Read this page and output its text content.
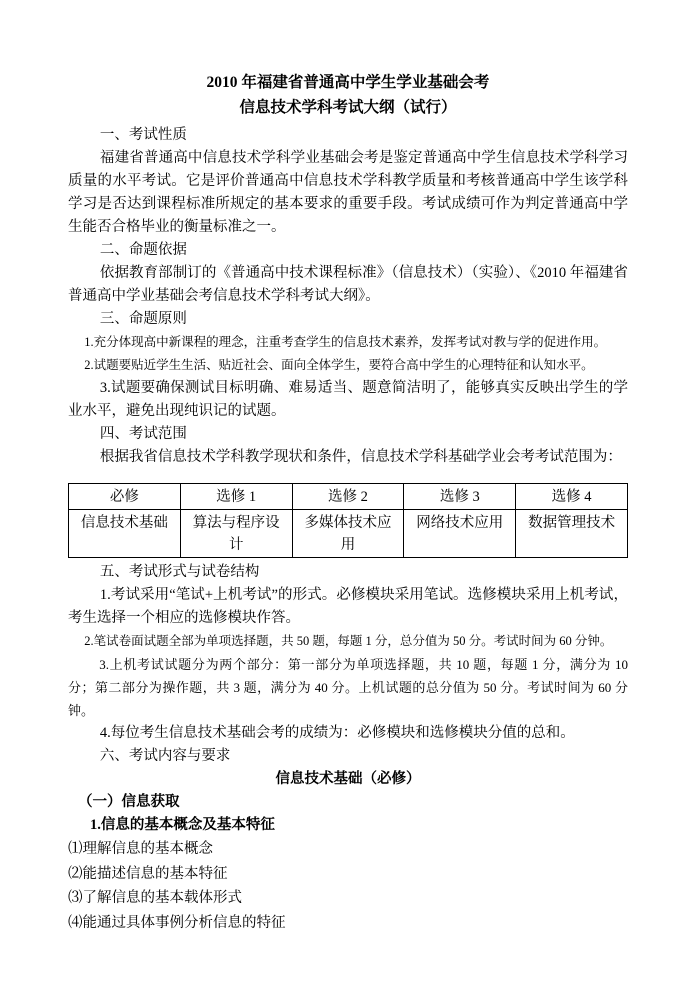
2010 年福建省普通高中学生学业基础会考
信息技术学科考试大纲（试行）

一、考试性质

福建省普通高中信息技术学科学业基础会考是鉴定普通高中学生信息技术学科学习质量的水平考试。它是评价普通高中信息技术学科教学质量和考核普通高中学生该学科学习是否达到课程标准所规定的基本要求的重要手段。考试成绩可作为判定普通高中学生能否合格毕业的衡量标准之一。

二、命题依据

依据教育部制订的《普通高中技术课程标准》（信息技术）（实验）、《2010 年福建省普通高中学业基础会考信息技术学科考试大纲》。

三、命题原则

1.充分体现高中新课程的理念，注重考查学生的信息技术素养，发挥考试对教与学的促进作用。

2.试题要贴近学生生活、贴近社会、面向全体学生，要符合高中学生的心理特征和认知水平。

3.试题要确保测试目标明确、难易适当、题意简洁明了，能够真实反映出学生的学业水平，避免出现纯识记的试题。

四、考试范围

根据我省信息技术学科教学现状和条件，信息技术学科基础学业会考考试范围为：

必修	选修 1	选修 2	选修 3	选修 4
信息技术基础	算法与程序设计	多媒体技术应用	网络技术应用	数据管理技术

五、考试形式与试卷结构

1.考试采用“笔试+上机考试”的形式。必修模块采用笔试。选修模块采用上机考试，考生选择一个相应的选修模块作答。

2.笔试卷面试题全部为单项选择题，共 50 题，每题 1 分，总分值为 50 分。考试时间为 60 分钟。

3.上机考试试题分为两个部分：第一部分为单项选择题，共 10 题，每题 1 分，满分为 10 分；第二部分为操作题，共 3 题，满分为 40 分。上机试题的总分值为 50 分。考试时间为 60 分钟。

4.每位考生信息技术基础会考的成绩为：必修模块和选修模块分值的总和。

六、考试内容与要求

信息技术基础（必修）

（一）信息获取

1.信息的基本概念及基本特征

⑴理解信息的基本概念

⑵能描述信息的基本特征

⑶了解信息的基本载体形式

⑷能通过具体事例分析信息的特征
